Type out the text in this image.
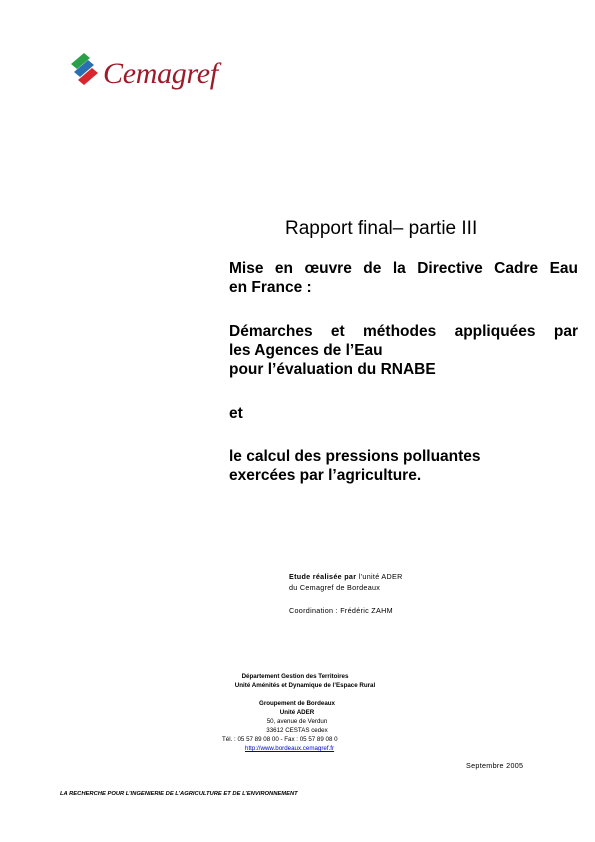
Cemagref
Rapport final– partie III
Mise en œuvre de la Directive Cadre Eau
en France :
Démarches et méthodes appliquées par
les Agences de l’Eau
pour l’évaluation du RNABE
et
le calcul des pressions polluantes
exercées par l’agriculture.
Etude réalisée par l’unité ADER
du Cemagref de Bordeaux
Coordination : Frédéric ZAHM
Département Gestion des Territoires
Unité Aménités et Dynamique de l’Espace Rural
Groupement de Bordeaux
Unité ADER
50, avenue de Verdun
33612 CESTAS cedex
Tél. : 05 57 89 08 00 - Fax : 05 57 89 08 0
http://www.bordeaux.cemagref.fr
Septembre 2005
LA RECHERCHE POUR L’INGENIERIE DE L’AGRICULTURE ET DE L’ENVIRONNEMENT
